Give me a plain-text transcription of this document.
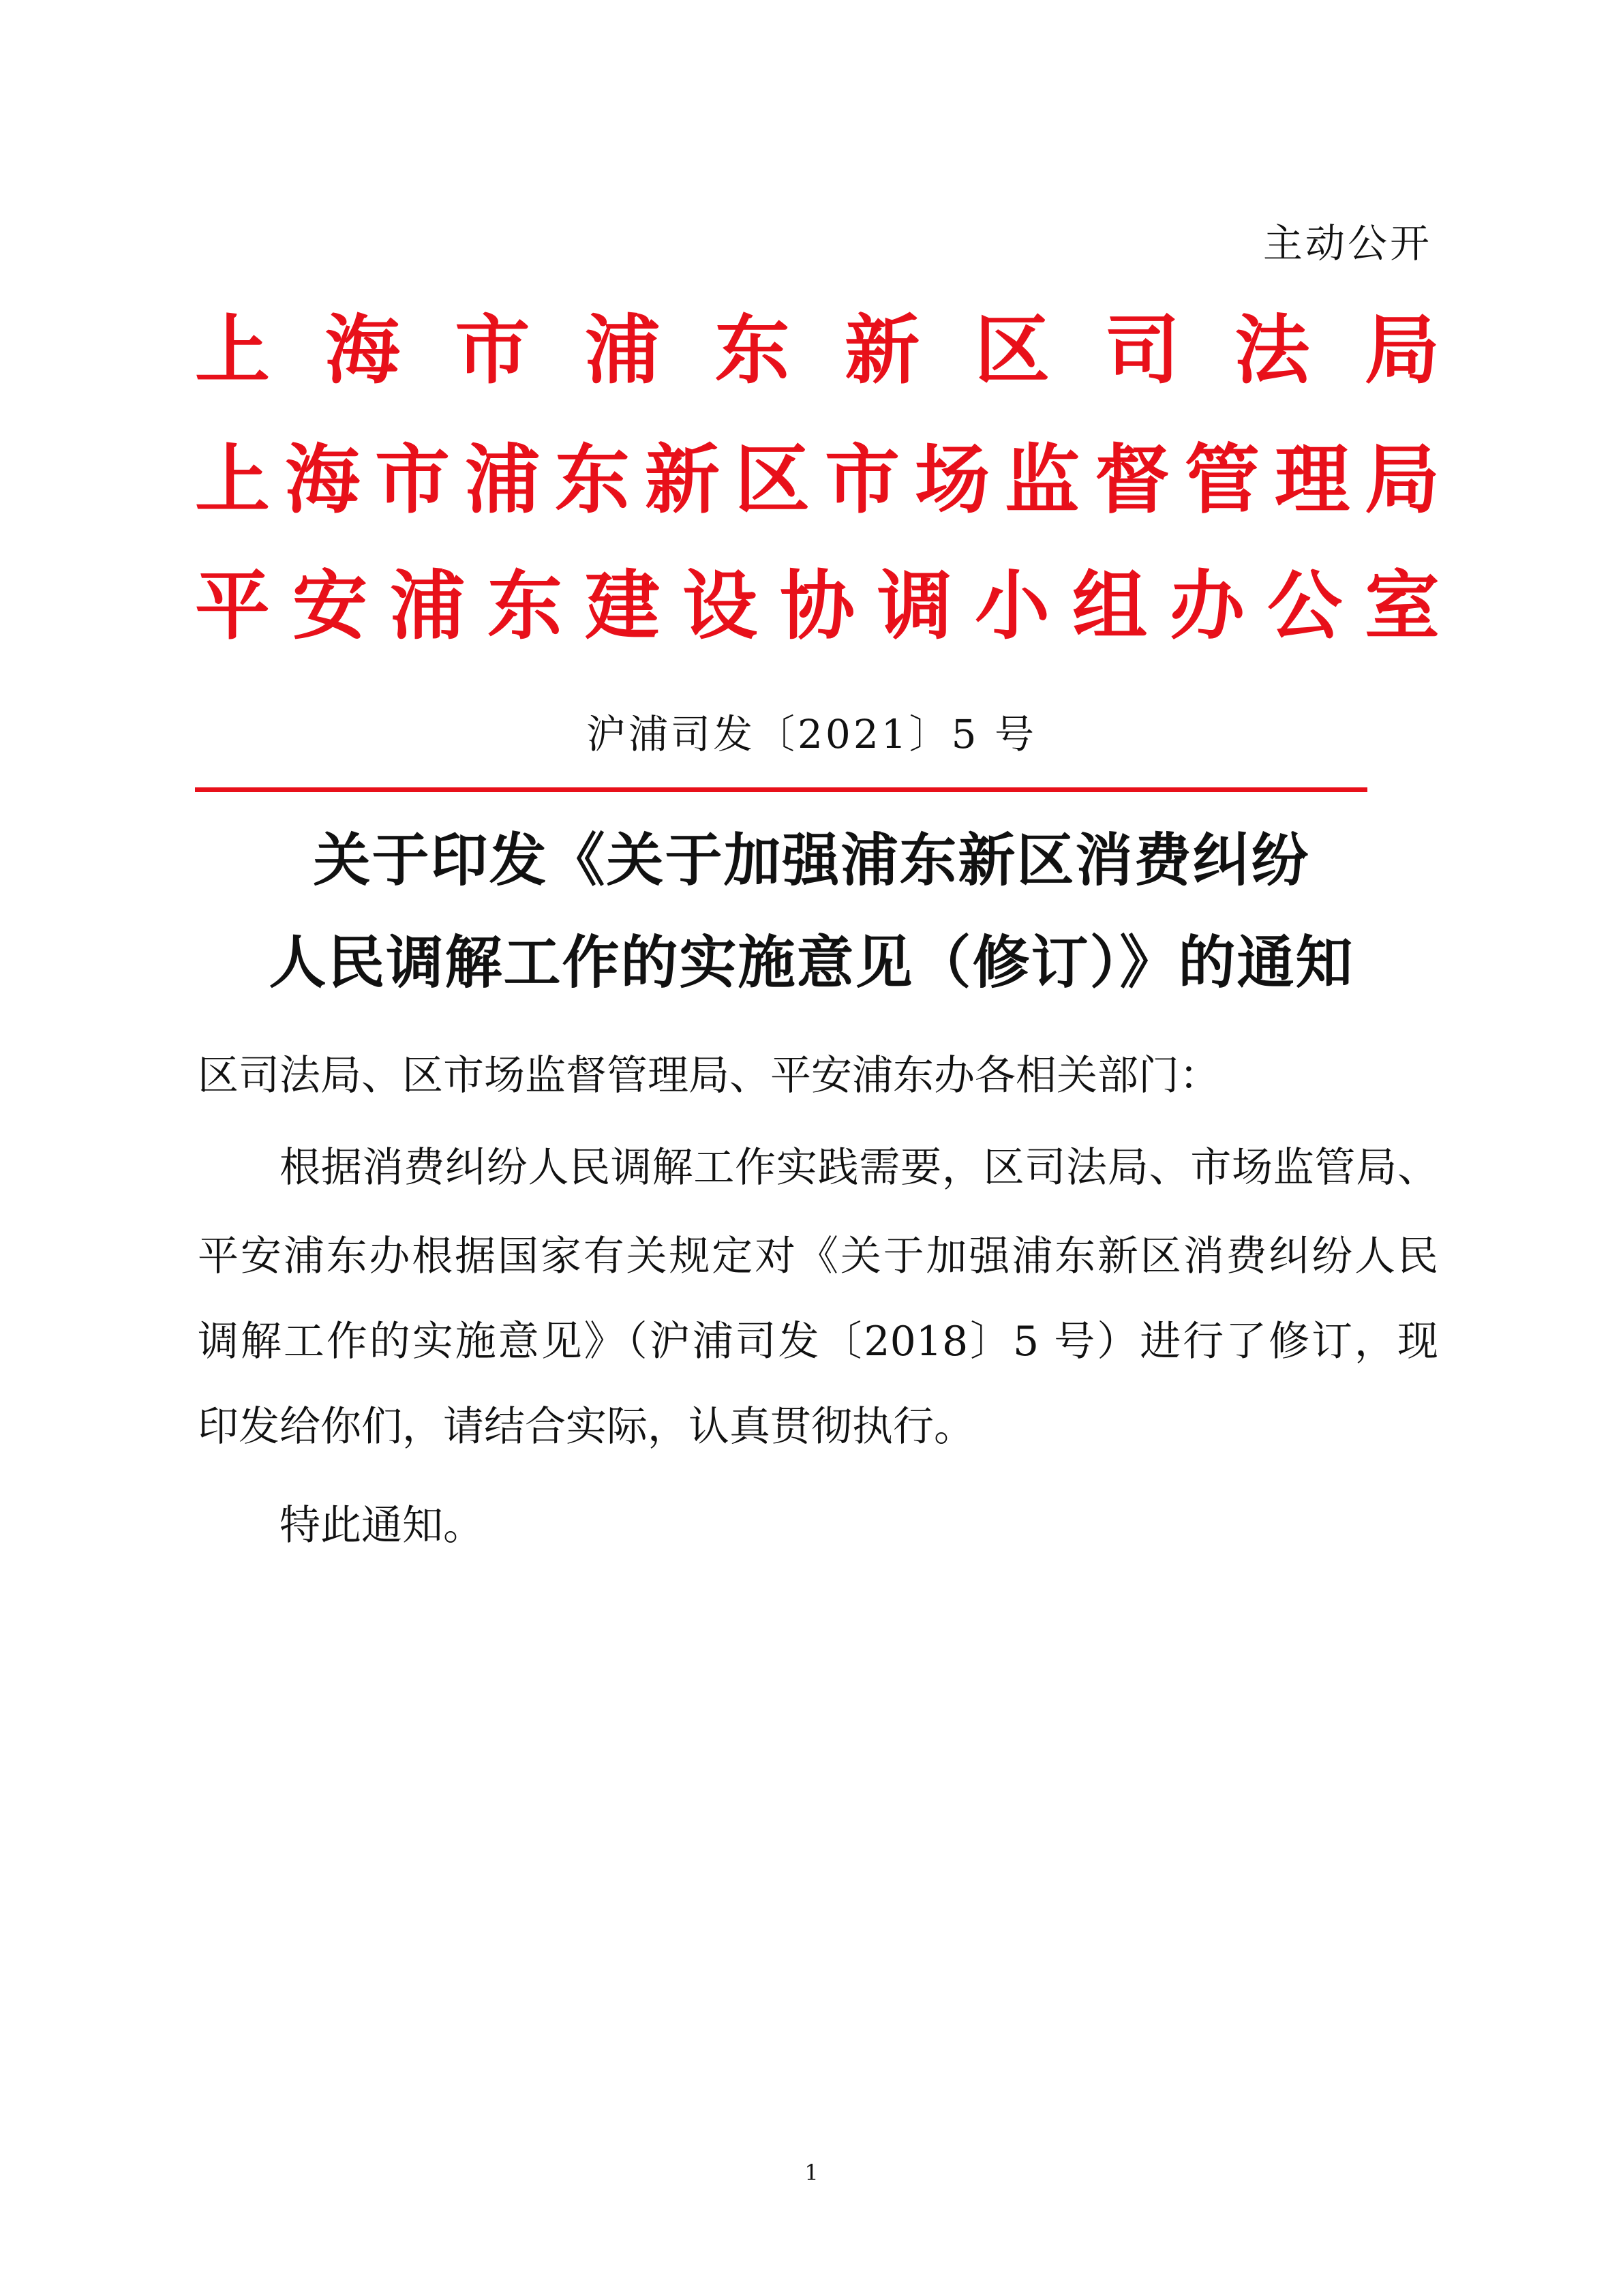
主动公开
上 海 市 浦 东 新 区 司 法 局
上 海 市 浦 东 新 区 市 场 监 督 管 理 局
平 安 浦 东 建 设 协 调 小 组 办 公 室
沪浦司发〔2021〕5 号
关于印发《关于加强浦东新区消费纠纷
人民调解工作的实施意见（修订）》的通知
区司法局、区市场监督管理局、平安浦东办各相关部门：
根据消费纠纷人民调解工作实践需要，区司法局、市场监管局、
平安浦东办根据国家有关规定对《关于加强浦东新区消费纠纷人民
调解工作的实施意见》（沪浦司发〔2018〕5 号）进行了修订，现
印发给你们，请结合实际，认真贯彻执行。
特此通知。
1
